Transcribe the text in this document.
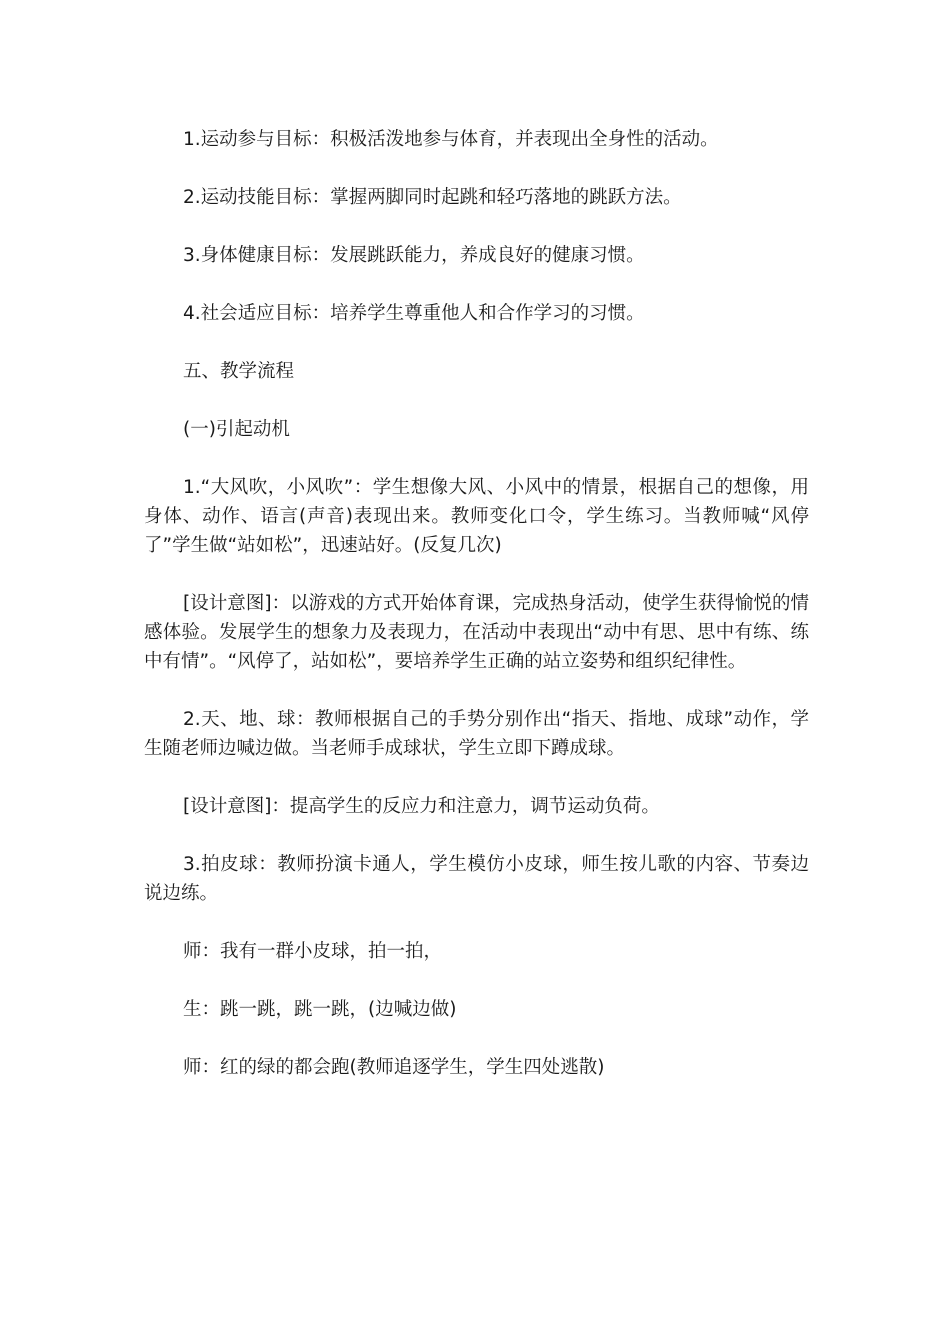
1.运动参与目标：积极活泼地参与体育，并表现出全身性的活动。

2.运动技能目标：掌握两脚同时起跳和轻巧落地的跳跃方法。

3.身体健康目标：发展跳跃能力，养成良好的健康习惯。

4.社会适应目标：培养学生尊重他人和合作学习的习惯。

五、教学流程

(一)引起动机

1.“大风吹，小风吹”：学生想像大风、小风中的情景，根据自己的想像，用身体、动作、语言(声音)表现出来。教师变化口令，学生练习。当教师喊“风停了”学生做“站如松”，迅速站好。(反复几次)

[设计意图]：以游戏的方式开始体育课，完成热身活动，使学生获得愉悦的情感体验。发展学生的想象力及表现力，在活动中表现出“动中有思、思中有练、练中有情”。“风停了，站如松”，要培养学生正确的站立姿势和组织纪律性。

2.天、地、球：教师根据自己的手势分别作出“指天、指地、成球”动作，学生随老师边喊边做。当老师手成球状，学生立即下蹲成球。

[设计意图]：提高学生的反应力和注意力，调节运动负荷。

3.拍皮球：教师扮演卡通人，学生模仿小皮球，师生按儿歌的内容、节奏边说边练。

师：我有一群小皮球，拍一拍，

生：跳一跳，跳一跳，(边喊边做)

师：红的绿的都会跑(教师追逐学生，学生四处逃散)
